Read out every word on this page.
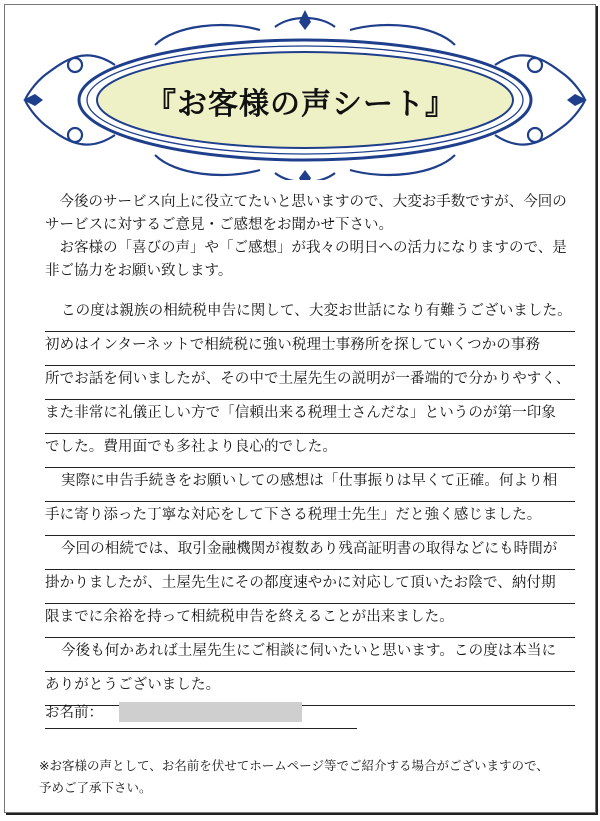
『お客様の声シート』

今後のサービス向上に役立てたいと思いますので、大変お手数ですが、今回のサービスに対するご意見・ご感想をお聞かせ下さい。

お客様の「喜びの声」や「ご感想」が我々の明日への活力になりますので、是非ご協力をお願い致します。

この度は親族の相続税申告に関して、大変お世話になり有難うございました。
初めはインターネットで相続税に強い税理士事務所を探していくつかの事務
所でお話を伺いましたが、その中で土屋先生の説明が一番端的で分かりやすく、
また非常に礼儀正しい方で「信頼出来る税理士さんだな」というのが第一印象
でした。費用面でも多社より良心的でした。
実際に申告手続きをお願いしての感想は「仕事振りは早くて正確。何より相
手に寄り添った丁寧な対応をして下さる税理士先生」だと強く感じました。
今回の相続では、取引金融機関が複数あり残高証明書の取得などにも時間が
掛かりましたが、土屋先生にその都度速やかに対応して頂いたお陰で、納付期
限までに余裕を持って相続税申告を終えることが出来ました。
今後も何かあれば土屋先生にご相談に伺いたいと思います。この度は本当に
ありがとうございました。
お名前：

※お客様の声として、お名前を伏せてホームページ等でご紹介する場合がございますので、

予めご了承下さい。
